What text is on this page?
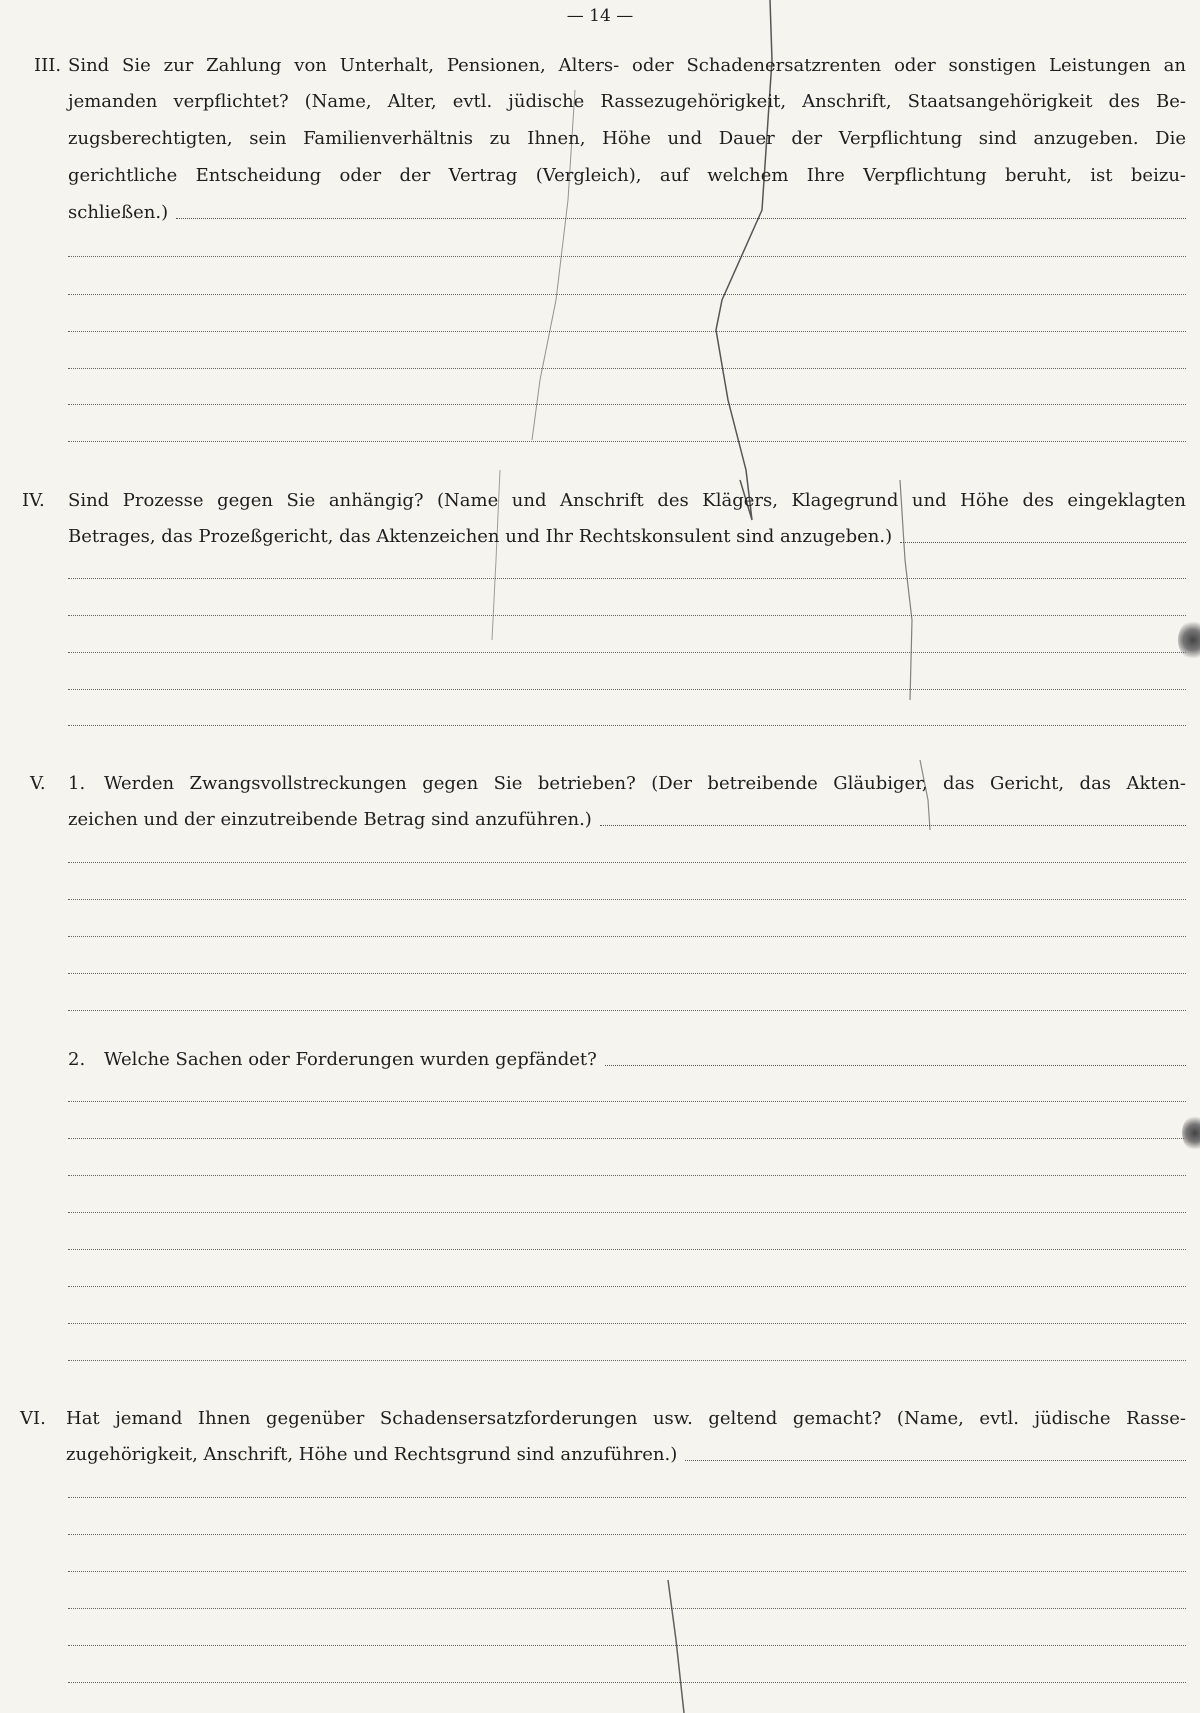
— 14 —
III. Sind Sie zur Zahlung von Unterhalt, Pensionen, Alters- oder Schadenersatzrenten oder sonstigen Leistungen an
jemanden verpflichtet? (Name, Alter, evtl. jüdische Rassezugehörigkeit, Anschrift, Staatsangehörigkeit des Be-
zugsberechtigten, sein Familienverhältnis zu Ihnen, Höhe und Dauer der Verpflichtung sind anzugeben. Die
gerichtliche Entscheidung oder der Vertrag (Vergleich), auf welchem Ihre Verpflichtung beruht, ist beizu-
schließen.)
IV. Sind Prozesse gegen Sie anhängig? (Name und Anschrift des Klägers, Klagegrund und Höhe des eingeklagten
Betrages, das Prozeßgericht, das Aktenzeichen und Ihr Rechtskonsulent sind anzugeben.)
V. 1. Werden Zwangsvollstreckungen gegen Sie betrieben? (Der betreibende Gläubiger, das Gericht, das Akten-
zeichen und der einzutreibende Betrag sind anzuführen.)
2. Welche Sachen oder Forderungen wurden gepfändet?
VI. Hat jemand Ihnen gegenüber Schadensersatzforderungen usw. geltend gemacht? (Name, evtl. jüdische Rasse-
zugehörigkeit, Anschrift, Höhe und Rechtsgrund sind anzuführen.)
